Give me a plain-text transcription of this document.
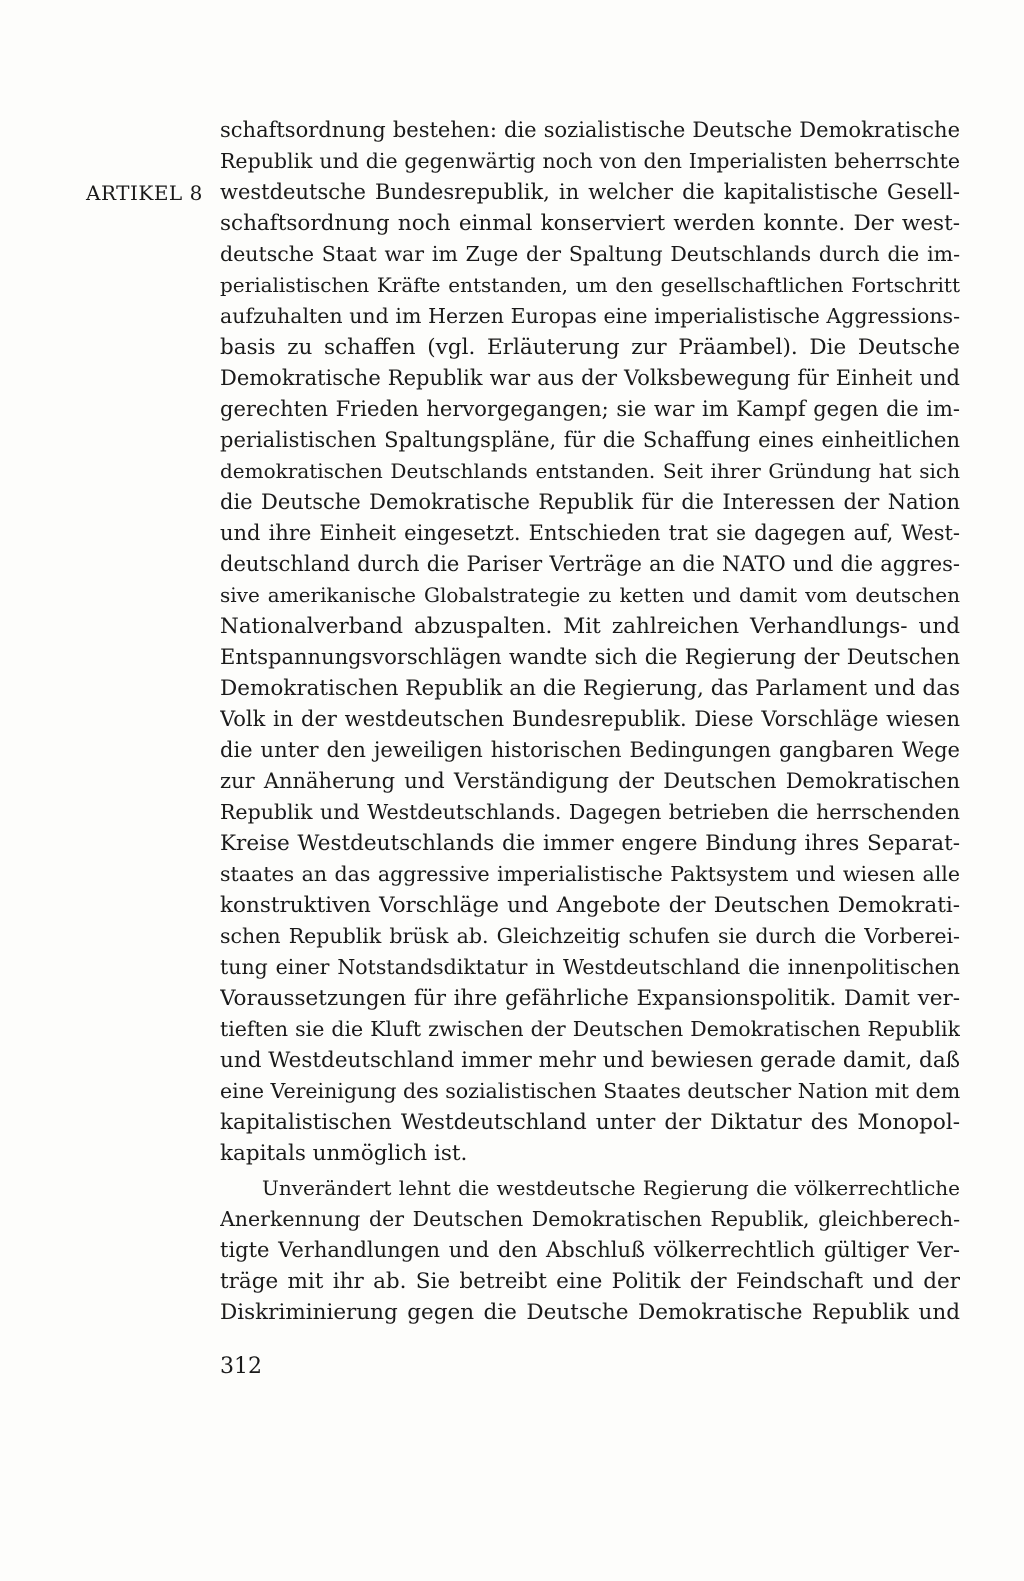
ARTIKEL 8
schaftsordnung bestehen: die sozialistische Deutsche Demokratische
Republik und die gegenwärtig noch von den Imperialisten beherrschte
westdeutsche Bundesrepublik, in welcher die kapitalistische Gesell-
schaftsordnung noch einmal konserviert werden konnte. Der west-
deutsche Staat war im Zuge der Spaltung Deutschlands durch die im-
perialistischen Kräfte entstanden, um den gesellschaftlichen Fortschritt
aufzuhalten und im Herzen Europas eine imperialistische Aggressions-
basis zu schaffen (vgl. Erläuterung zur Präambel). Die Deutsche
Demokratische Republik war aus der Volksbewegung für Einheit und
gerechten Frieden hervorgegangen; sie war im Kampf gegen die im-
perialistischen Spaltungspläne, für die Schaffung eines einheitlichen
demokratischen Deutschlands entstanden. Seit ihrer Gründung hat sich
die Deutsche Demokratische Republik für die Interessen der Nation
und ihre Einheit eingesetzt. Entschieden trat sie dagegen auf, West-
deutschland durch die Pariser Verträge an die NATO und die aggres-
sive amerikanische Globalstrategie zu ketten und damit vom deutschen
Nationalverband abzuspalten. Mit zahlreichen Verhandlungs- und
Entspannungsvorschlägen wandte sich die Regierung der Deutschen
Demokratischen Republik an die Regierung, das Parlament und das
Volk in der westdeutschen Bundesrepublik. Diese Vorschläge wiesen
die unter den jeweiligen historischen Bedingungen gangbaren Wege
zur Annäherung und Verständigung der Deutschen Demokratischen
Republik und Westdeutschlands. Dagegen betrieben die herrschenden
Kreise Westdeutschlands die immer engere Bindung ihres Separat-
staates an das aggressive imperialistische Paktsystem und wiesen alle
konstruktiven Vorschläge und Angebote der Deutschen Demokrati-
schen Republik brüsk ab. Gleichzeitig schufen sie durch die Vorberei-
tung einer Notstandsdiktatur in Westdeutschland die innenpolitischen
Voraussetzungen für ihre gefährliche Expansionspolitik. Damit ver-
tieften sie die Kluft zwischen der Deutschen Demokratischen Republik
und Westdeutschland immer mehr und bewiesen gerade damit, daß
eine Vereinigung des sozialistischen Staates deutscher Nation mit dem
kapitalistischen Westdeutschland unter der Diktatur des Monopol-
kapitals unmöglich ist.
Unverändert lehnt die westdeutsche Regierung die völkerrechtliche
Anerkennung der Deutschen Demokratischen Republik, gleichberech-
tigte Verhandlungen und den Abschluß völkerrechtlich gültiger Ver-
träge mit ihr ab. Sie betreibt eine Politik der Feindschaft und der
Diskriminierung gegen die Deutsche Demokratische Republik und
312
